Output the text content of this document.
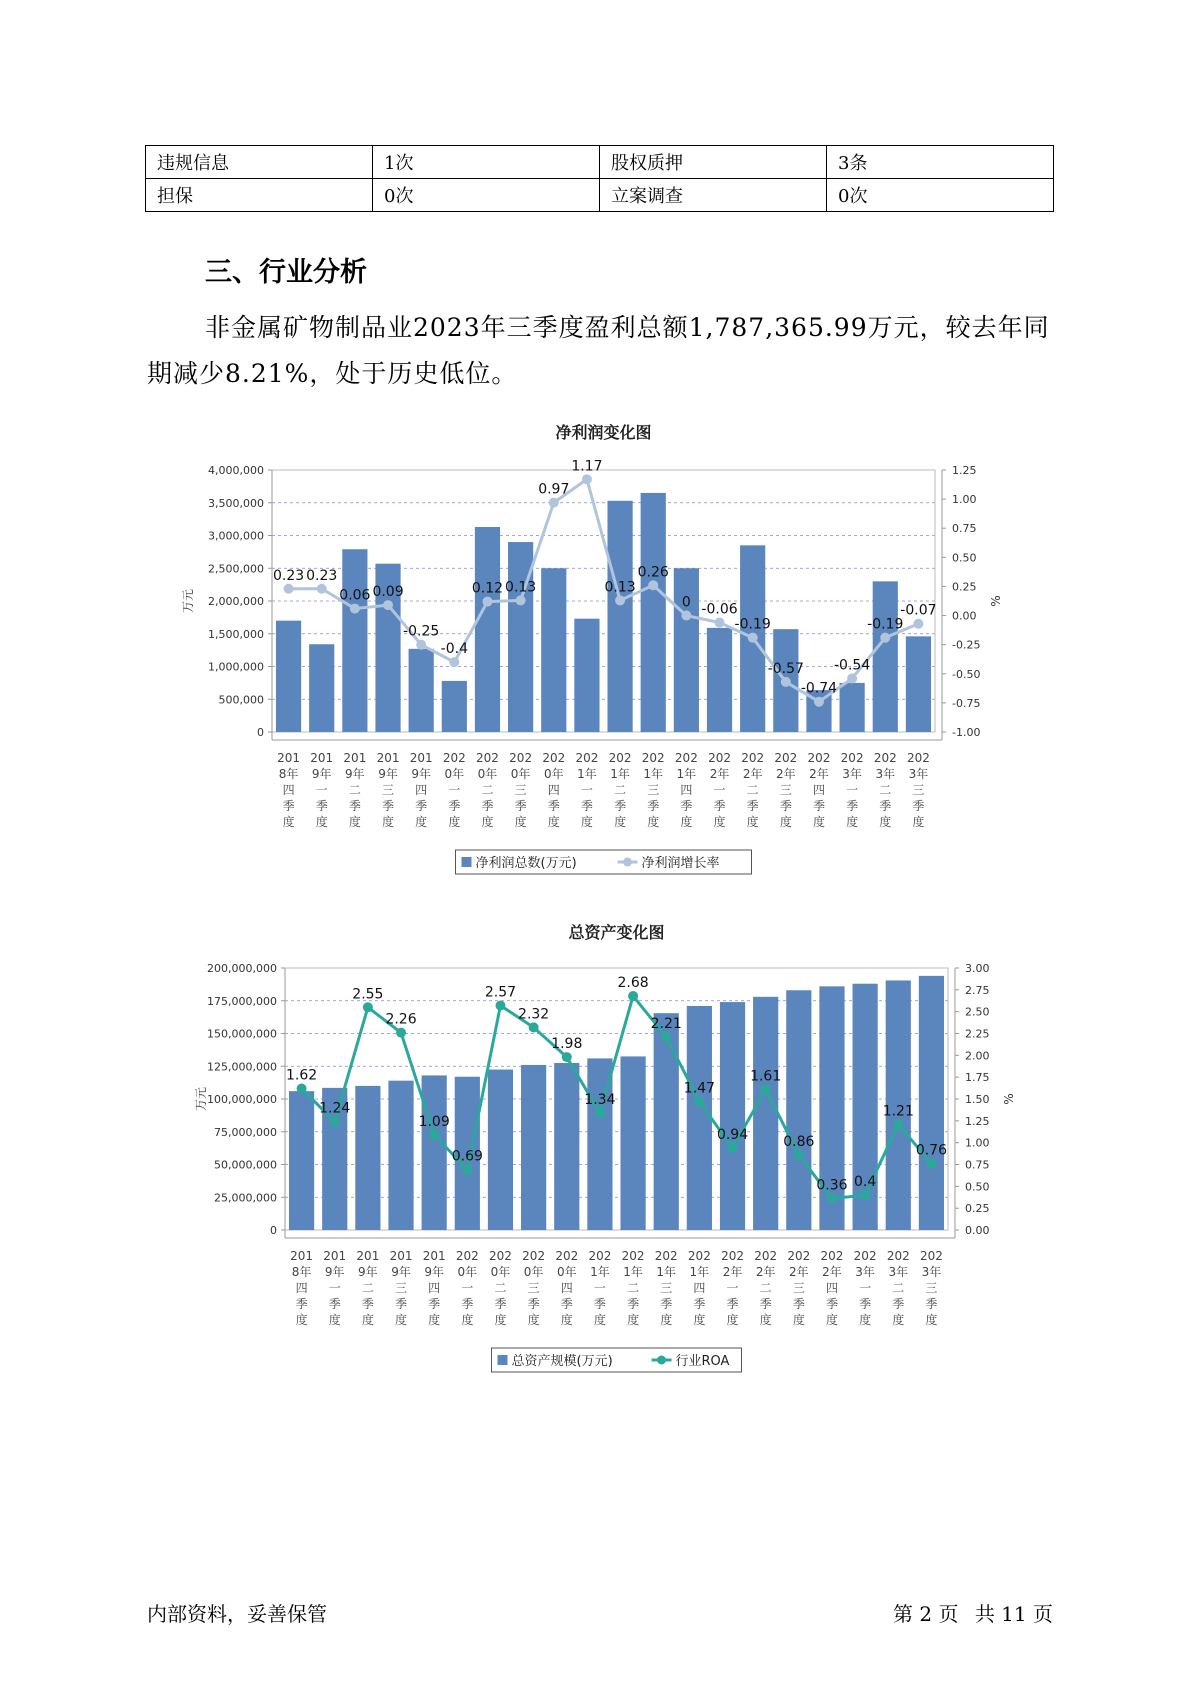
违规信息	1次	股权质押	3条
担保	0次	立案调查	0次
三、行业分析

非金属矿物制品业2023年三季度盈利总额1,787,365.99万元，较去年同期减少8.21%，处于历史低位。

净利润变化图
0
500,000
1,000,000
1,500,000
2,000,000
2,500,000
3,000,000
3,500,000
4,000,000
-1.00
-0.75
-0.50
-0.25
0.00
0.25
0.50
0.75
1.00
1.25
万元	%
201 8年四季度
201 9年一季度
201 9年二季度
201 9年三季度
201 9年四季度
202 0年一季度
202 0年二季度
202 0年三季度
202 0年四季度
202 1年一季度
202 1年二季度
202 1年三季度
202 1年四季度
202 2年一季度
202 2年二季度
202 2年三季度
202 2年四季度
202 3年一季度
202 3年二季度
202 3年三季度
0.23 0.23
0.06 0.09
-0.25
-0.4
0.12 0.13
0.97
1.17
0.13
0.26
0 -0.06
-0.19
-0.57
-0.74
-0.54
-0.19
-0.07
净利润总数(万元)	净利润增长率
总资产变化图
0
25,000,000
50,000,000
75,000,000
100,000,000
125,000,000
150,000,000
175,000,000
200,000,000
0.00
0.25
0.50
0.75
1.00
1.25
1.50
1.75
2.00
2.25
2.50
2.75
3.00
万元	%
201 8年四季度
201 9年一季度
201 9年二季度
201 9年三季度
201 9年四季度
202 0年一季度
202 0年二季度
202 0年三季度
202 0年四季度
202 1年一季度
202 1年二季度
202 1年三季度
202 1年四季度
202 2年一季度
202 2年二季度
202 2年三季度
202 2年四季度
202 3年一季度
202 3年二季度
202 3年三季度
1.62
1.24
2.55
2.26
1.09
0.69
2.57
2.32
1.98
1.34
2.68
2.21
1.47
0.94
1.61
0.86
0.36 0.4
1.21
0.76
总资产规模(万元)	行业ROA
内部资料，妥善保管	第 2 页 共 11 页
